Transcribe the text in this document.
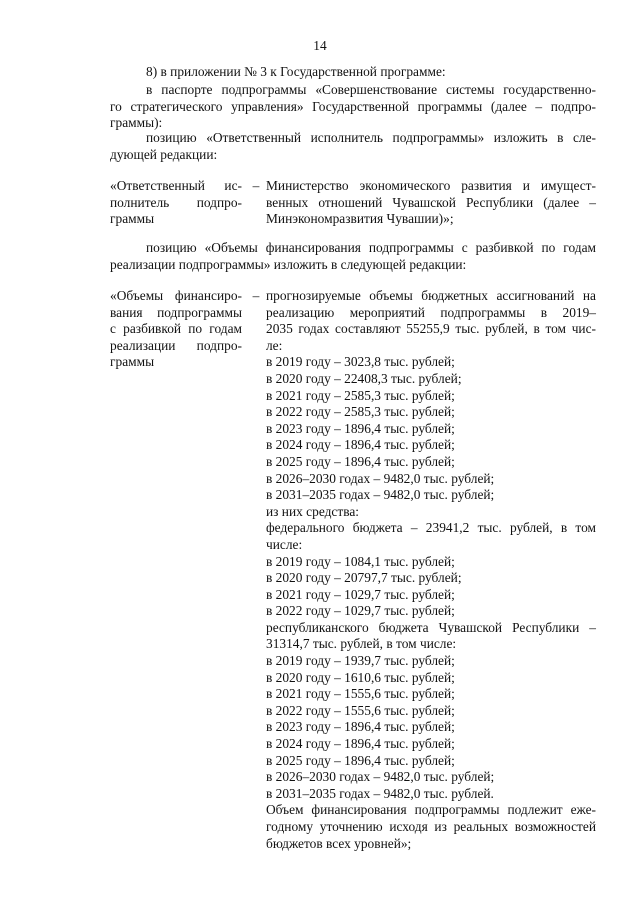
14
8) в приложении № 3 к Государственной программе:
в паспорте подпрограммы «Совершенствование системы государственно-
го стратегического управления» Государственной программы (далее – подпро-
граммы):
позицию «Ответственный исполнитель подпрограммы» изложить в сле-
дующей редакции:
«Ответственный ис-
полнитель подпро-
граммы
– Министерство экономического развития и имущест-
венных отношений Чувашской Республики (далее –
Минэкономразвития Чувашии)»;
позицию «Объемы финансирования подпрограммы с разбивкой по годам
реализации подпрограммы» изложить в следующей редакции:
«Объемы финансиро-
вания подпрограммы
с разбивкой по годам
реализации подпро-
граммы
– прогнозируемые объемы бюджетных ассигнований на
реализацию мероприятий подпрограммы в 2019–
2035 годах составляют 55255,9 тыс. рублей, в том чис-
ле:
в 2019 году – 3023,8 тыс. рублей;
в 2020 году – 22408,3 тыс. рублей;
в 2021 году – 2585,3 тыс. рублей;
в 2022 году – 2585,3 тыс. рублей;
в 2023 году – 1896,4 тыс. рублей;
в 2024 году – 1896,4 тыс. рублей;
в 2025 году – 1896,4 тыс. рублей;
в 2026–2030 годах – 9482,0 тыс. рублей;
в 2031–2035 годах – 9482,0 тыс. рублей;
из них средства:
федерального бюджета – 23941,2 тыс. рублей, в том
числе:
в 2019 году – 1084,1 тыс. рублей;
в 2020 году – 20797,7 тыс. рублей;
в 2021 году – 1029,7 тыс. рублей;
в 2022 году – 1029,7 тыс. рублей;
республиканского бюджета Чувашской Республики –
31314,7 тыс. рублей, в том числе:
в 2019 году – 1939,7 тыс. рублей;
в 2020 году – 1610,6 тыс. рублей;
в 2021 году – 1555,6 тыс. рублей;
в 2022 году – 1555,6 тыс. рублей;
в 2023 году – 1896,4 тыс. рублей;
в 2024 году – 1896,4 тыс. рублей;
в 2025 году – 1896,4 тыс. рублей;
в 2026–2030 годах – 9482,0 тыс. рублей;
в 2031–2035 годах – 9482,0 тыс. рублей.
Объем финансирования подпрограммы подлежит еже-
годному уточнению исходя из реальных возможностей
бюджетов всех уровней»;
